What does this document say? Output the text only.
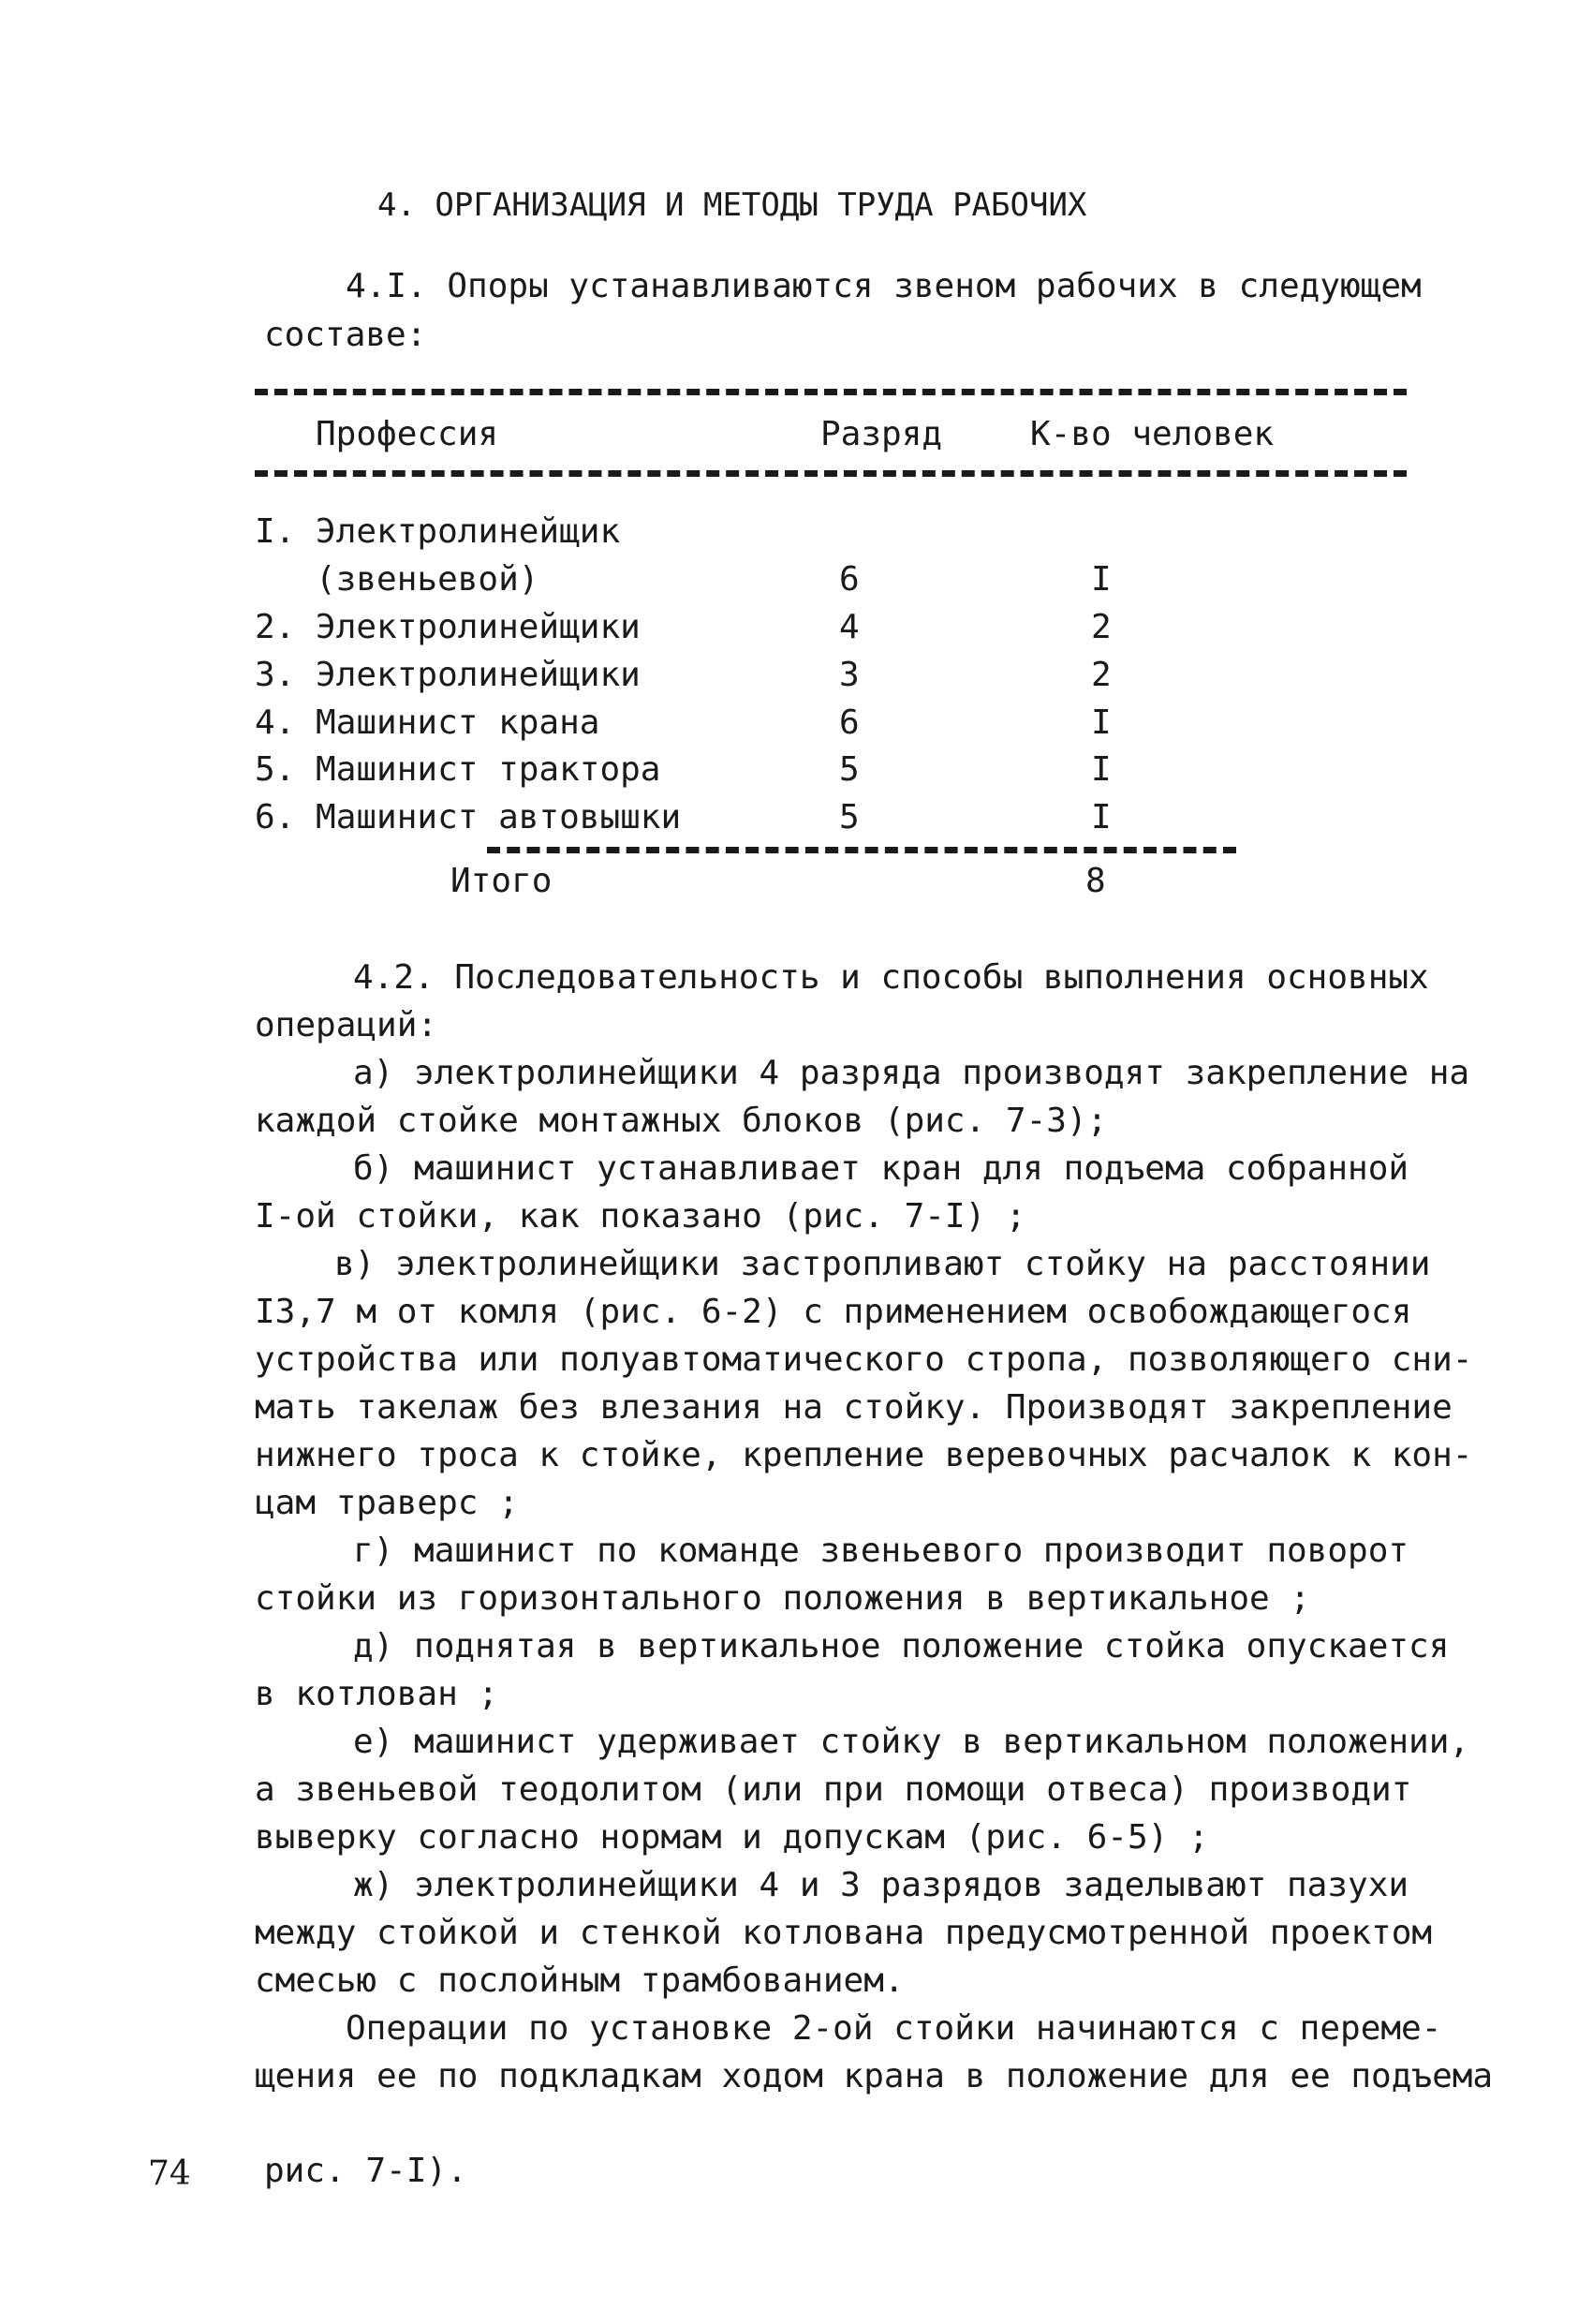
4. ОРГАНИЗАЦИЯ И МЕТОДЫ ТРУДА РАБОЧИХ
4.I. Опоры устанавливаются звеном рабочих в следующем
составе:
Профессия	Разряд	К-во человек
I. Электролинейщик
(звеньевой)	6	I
2. Электролинейщики	4	2
3. Электролинейщики	3	2
4. Машинист крана	6	I
5. Машинист трактора	5	I
6. Машинист автовышки	5	I
Итого	8
4.2. Последовательность и способы выполнения основных
операций:
а) электролинейщики 4 разряда производят закрепление на
каждой стойке монтажных блоков (рис. 7-3);
б) машинист устанавливает кран для подъема собранной
I-ой стойки, как показано (рис. 7-I) ;
в) электролинейщики застропливают стойку на расстоянии
I3,7 м от комля (рис. 6-2) с применением освобождающегося
устройства или полуавтоматического стропа, позволяющего сни-
мать такелаж без влезания на стойку. Производят закрепление
нижнего троса к стойке, крепление веревочных расчалок к кон-
цам траверс ;
г) машинист по команде звеньевого производит поворот
стойки из горизонтального положения в вертикальное ;
д) поднятая в вертикальное положение стойка опускается
в котлован ;
е) машинист удерживает стойку в вертикальном положении,
а звеньевой теодолитом (или при помощи отвеса) производит
выверку согласно нормам и допускам (рис. 6-5) ;
ж) электролинейщики 4 и 3 разрядов заделывают пазухи
между стойкой и стенкой котлована предусмотренной проектом
смесью с послойным трамбованием.
Операции по установке 2-ой стойки начинаются с переме-
щения ее по подкладкам ходом крана в положение для ее подъема
рис. 7-I).
74
